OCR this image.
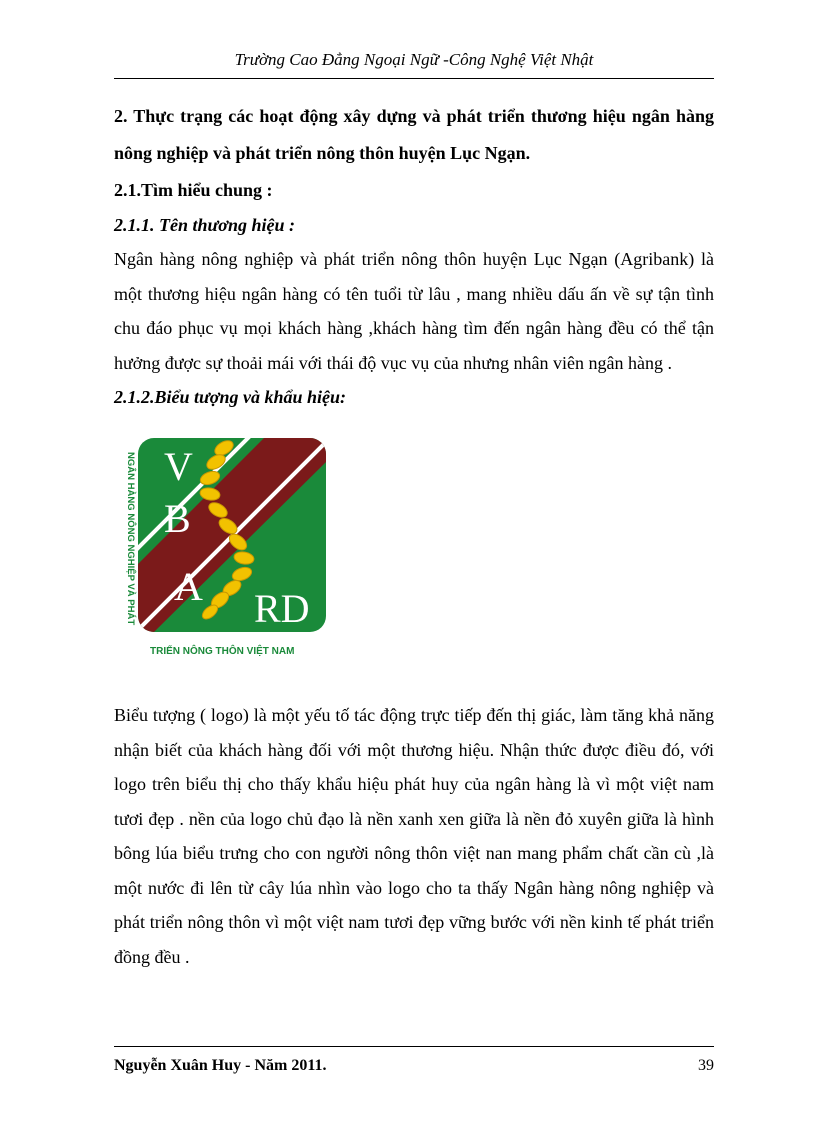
Trường Cao Đẳng Ngoại Ngữ -Công Nghệ Việt Nhật

2. Thực trạng các hoạt động xây dựng và phát triển thương hiệu ngân hàng nông nghiệp và phát triển nông thôn huyện Lục Ngạn.

2.1.Tìm hiểu chung :

2.1.1. Tên thương hiệu :

Ngân hàng nông nghiệp và phát triển nông thôn huyện Lục Ngạn (Agribank) là một thương hiệu ngân hàng có tên tuổi từ lâu , mang nhiều dấu ấn về sự tận tình chu đáo phục vụ mọi khách hàng ,khách hàng tìm đến ngân hàng đều có thể tận hưởng được sự thoải mái với thái độ vục vụ của nhưng nhân viên ngân hàng .

2.1.2.Biểu tượng và khẩu hiệu:

V
B
A RD
NGÂN HÀNG NÔNG NGHIỆP VÀ PHÁT
TRIỂN NÔNG THÔN VIỆT NAM

Biểu tượng ( logo) là một yếu tố tác động trực tiếp đến thị giác, làm tăng khả năng nhận biết của khách hàng đối với một thương hiệu. Nhận thức được điều đó, với logo trên biểu thị cho thấy khẩu hiệu phát huy của ngân hàng là vì một việt nam tươi đẹp . nền của logo chủ đạo là nền xanh xen giữa là nền đỏ xuyên giữa là hình bông lúa biểu trưng cho con người nông thôn việt nan mang phẩm chất cần cù ,là một nước đi lên từ cây lúa nhìn vào logo cho ta thấy Ngân hàng nông nghiệp và phát triển nông thôn vì một việt nam tươi đẹp vững bước với nền kinh tế phát triển đồng đều .

Nguyễn Xuân Huy - Năm 2011.	39
